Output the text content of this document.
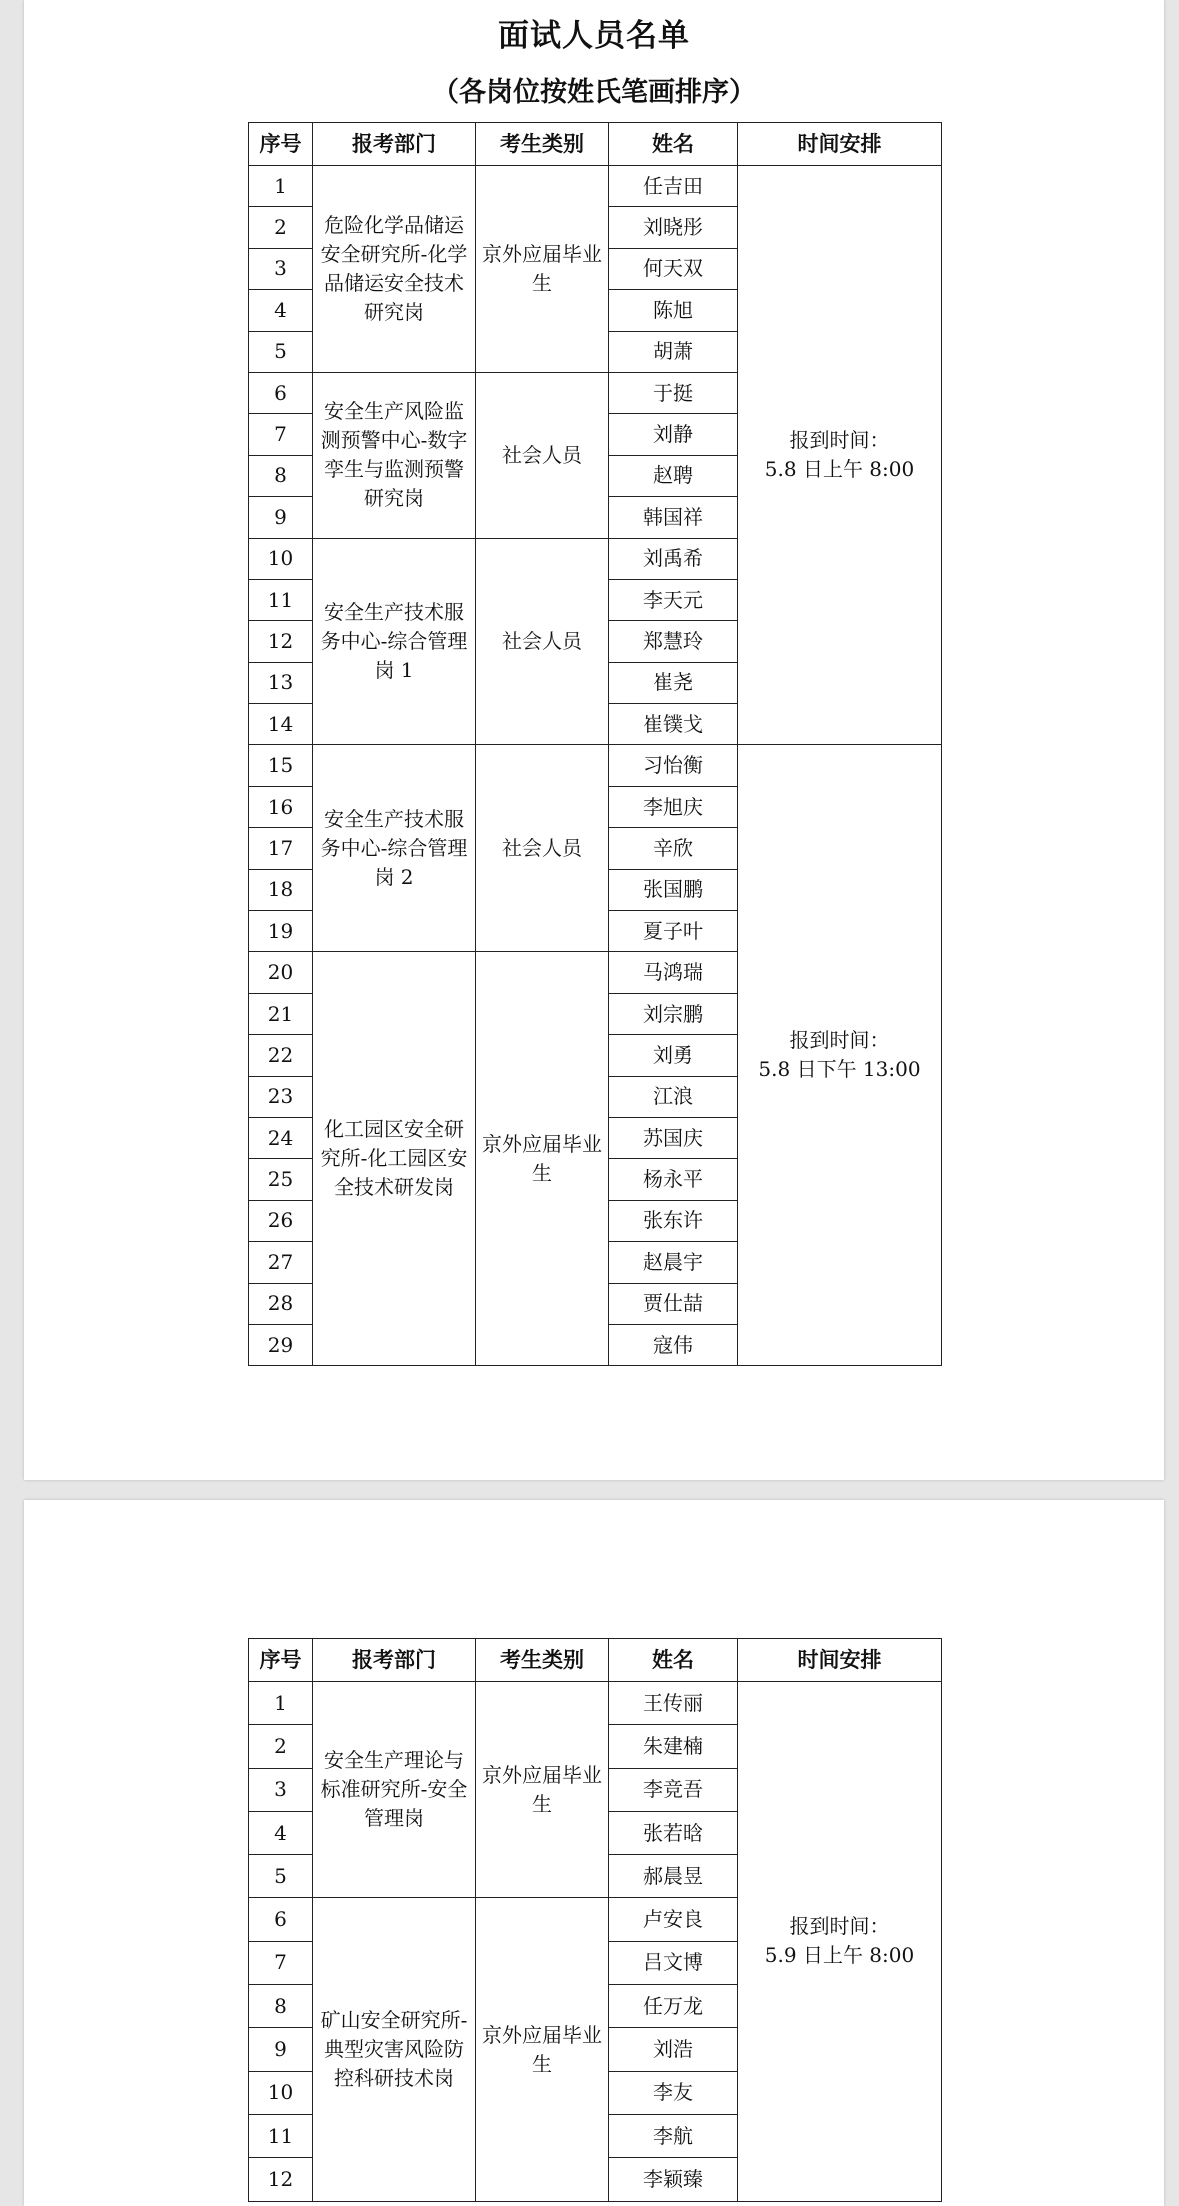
面试人员名单
（各岗位按姓氏笔画排序）
序号	报考部门	考生类别	姓名	时间安排
1	危险化学品储运安全研究所-化学品储运安全技术研究岗	京外应届毕业生	任吉田	报到时间：
5.8 日上午 8:00

2			刘晓彤	
3			何天双	
4			陈旭	
5			胡萧	
6	安全生产风险监测预警中心-数字孪生与监测预警研究岗	社会人员	于挺	
7			刘静	
8			赵聘	
9			韩国祥	
10	安全生产技术服务中心-综合管理岗 1	社会人员	刘禹希	
11			李天元	
12			郑慧玲	
13			崔尧	
14			崔镤戈	
15	安全生产技术服务中心-综合管理岗 2	社会人员	习怡衡	报到时间：
5.8 日下午 13:00

16			李旭庆	
17			辛欣	
18			张国鹏	
19			夏子叶	
20	化工园区安全研究所-化工园区安全技术研发岗	京外应届毕业生	马鸿瑞	
21			刘宗鹏	
22			刘勇	
23			江浪	
24			苏国庆	
25			杨永平	
26			张东许	
27			赵晨宇	
28			贾仕喆	
29			寇伟	
序号	报考部门	考生类别	姓名	时间安排
1	安全生产理论与标准研究所-安全管理岗	京外应届毕业生	王传丽	报到时间：
5.9 日上午 8:00

2			朱建楠	
3			李竞吾	
4			张若晗	
5			郝晨昱	
6	矿山安全研究所-典型灾害风险防控科研技术岗	京外应届毕业生	卢安良	
7			吕文博	
8			任万龙	
9			刘浩	
10			李友	
11			李航	
12			李颖臻	
